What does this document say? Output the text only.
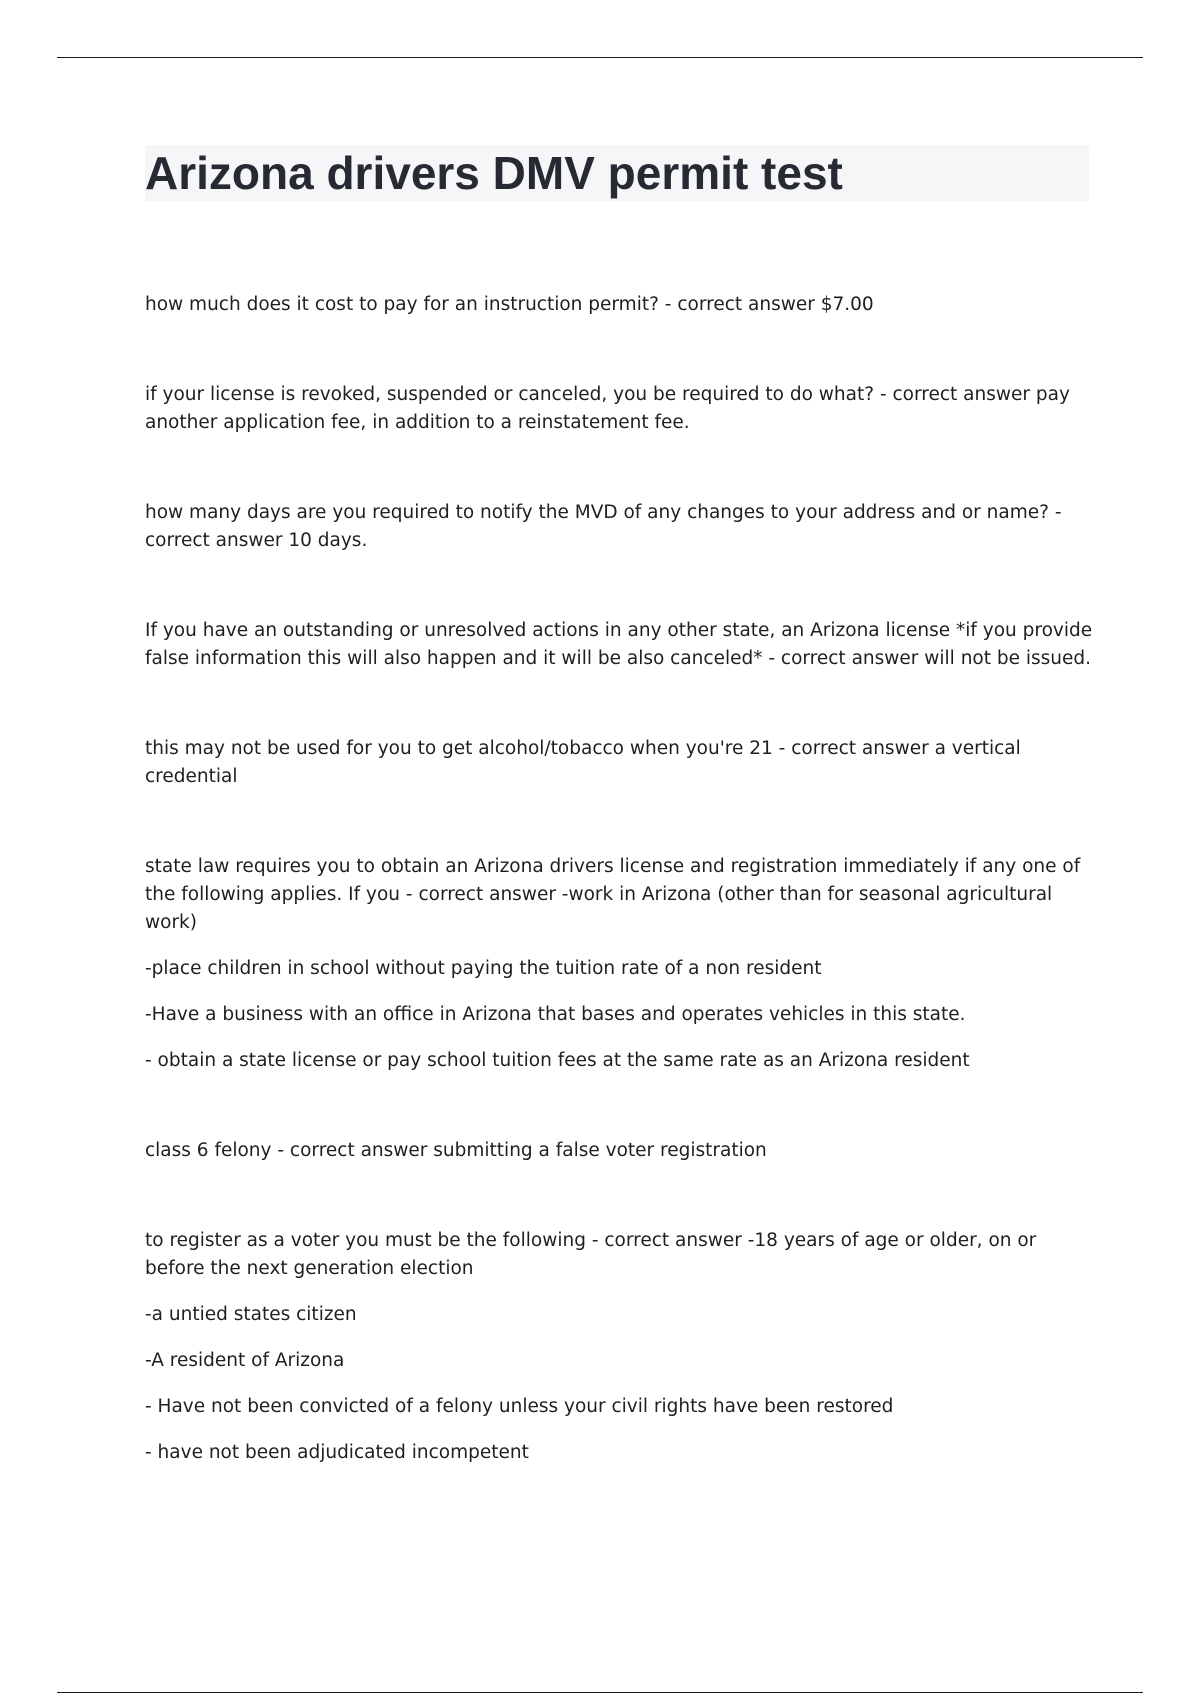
Arizona drivers DMV permit test

how much does it cost to pay for an instruction permit? - correct answer $7.00

if your license is revoked, suspended or canceled, you be required to do what? - correct answer pay another application fee, in addition to a reinstatement fee.

how many days are you required to notify the MVD of any changes to your address and or name? - correct answer 10 days.

If you have an outstanding or unresolved actions in any other state, an Arizona license *if you provide false information this will also happen and it will be also canceled* - correct answer will not be issued.

this may not be used for you to get alcohol/tobacco when you're 21 - correct answer a vertical credential

state law requires you to obtain an Arizona drivers license and registration immediately if any one of the following applies. If you - correct answer -work in Arizona (other than for seasonal agricultural work)

-place children in school without paying the tuition rate of a non resident

-Have a business with an office in Arizona that bases and operates vehicles in this state.

- obtain a state license or pay school tuition fees at the same rate as an Arizona resident

class 6 felony - correct answer submitting a false voter registration

to register as a voter you must be the following - correct answer -18 years of age or older, on or before the next generation election

-a untied states citizen

-A resident of Arizona

- Have not been convicted of a felony unless your civil rights have been restored

- have not been adjudicated incompetent
